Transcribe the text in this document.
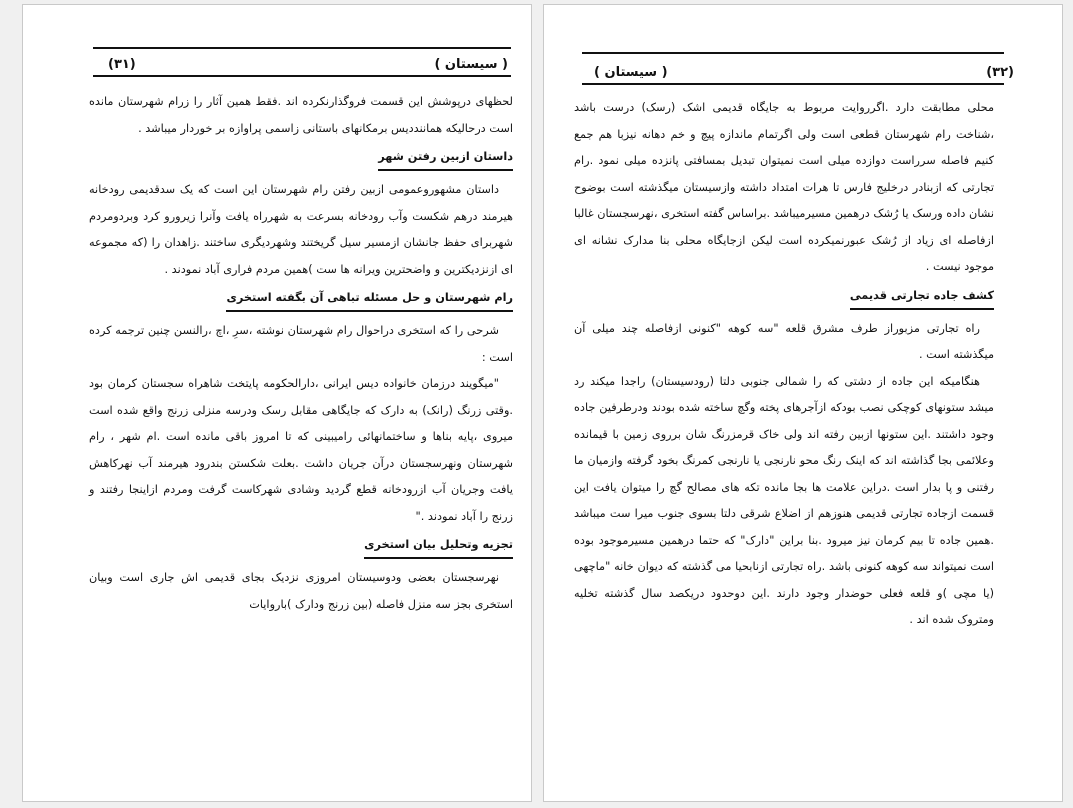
(۳۱)	( سیستان )

لحظهای درپوشش این قسمت فروگذارنکرده اند .فقط همین آثار را زرام شهرستان مانده است درحالیکه هماننددیس برمکانهای باستانی زاسمی پراوازه بر خوردار میباشد .

داستان ازبین رفتن شهر

داستان مشهوروعمومی ازبین رفتن رام شهرستان این است که یک سدقدیمی رودخانه هیرمند درهم شکست وآب رودخانه بسرعت به شهرراه یافت وآنرا زیرورو کرد وبردومردم شهربرای حفظ جانشان ازمسیر سیل گریختند وشهردیگری ساختند .زاهدان را (که مجموعه ای ازنزدیکترین و واضحترین ویرانه ها ست )همین مردم فراری آباد نمودند .

رام شهرستان و حل مسئله تباهی آن بگفته استخری

شرحی را که استخری دراحوال رام شهرستان نوشته ،سرِ ،اچ ،رالنسن چنین ترجمه کرده است :

"میگویند درزمان خانواده دیس ایرانی ،دارالحکومه پایتخت شاهراه سجستان کرمان بود .وقتی زرنگ (رانک) به دارک که جایگاهی مقابل رسک ودرسه منزلی زرنج واقع شده است میروی ،پایه بناها و ساختمانهائی رامیبینی که تا امروز باقی مانده است .ام شهر ، رام شهرستان ونهرسجستان درآن جریان داشت .بعلت شکستن بندرود هیرمند آب نهرکاهش یافت وجریان آب ازرودخانه قطع گردید وشادی شهرکاست گرفت ومردم ازاینجا رفتند و زرنج را آباد نمودند ."

تجزیه وتحلیل بیان استخری

نهرسجستان بعضی ودوسیستان امروزی نزدیک بجای قدیمی اش جاری است وبیان استخری بجز سه منزل فاصله (بین زرنج ودارک )باروایات

(۳۲)
( سیستان )

محلی مطابقت دارد .اگرروایت مربوط به جایگاه قدیمی اشک (رسک) درست باشد ،شناخت رام شهرستان قطعی است ولی اگرتمام ماندازه پیچ و خم دهانه نیزبا هم جمع کنیم فاصله سرراست دوازده میلی است نمیتوان تبدیل بمسافتی پانزده میلی نمود .رام تجارتی که ازبنادر درخلیج فارس تا هرات امتداد داشته وازسیستان میگذشته است بوضوح نشان داده ورسک یا رُشک درهمین مسیرمیباشد .براساس گفته استخری ،نهرسجستان غالبا ازفاصله ای زیاد از رُشک عبورنمیکرده است لیکن ازجایگاه محلی بنا مدارک نشانه ای موجود نیست .

کشف جاده تجارتی قدیمی

راه تجارتی مزبوراز طرف مشرق قلعه "سه کوهه "کنونی ازفاصله چند میلی آن میگذشته است .

هنگامیکه این جاده از دشتی که را شمالی جنوبی دلتا (رودسیستان) راجدا میکند رد میشد ستونهای کوچکی نصب بودکه ازآجرهای پخته وگچ ساخته شده بودند ودرطرفین جاده وجود داشتند .این ستونها ازبین رفته اند ولی خاک قرمزرنگ شان برروی زمین با قیمانده وعلائمی بجا گذاشته اند که اینک رنگ محو نارنجی یا نارنجی کمرنگ بخود گرفته وازمیان ما رفتنی و پا بدار است .دراین علامت ها بجا مانده تکه های مصالح گچ را میتوان یافت این قسمت ازجاده تجارتی قدیمی هنوزهم از اضلاع شرقی دلتا بسوی جنوب میرا ست میباشد .همین جاده تا بیم کرمان نیز میرود .بنا براین "دارک" که حتما درهمین مسیرموجود بوده است نمیتواند سه کوهه کنونی باشد .راه تجارتی ازنابحیا می گذشته که دیوان خانه "ماچهی (یا مچی )و قلعه فعلی حوضدار وجود دارند .این دوحدود دریکصد سال گذشته تخلیه ومتروک شده اند .
